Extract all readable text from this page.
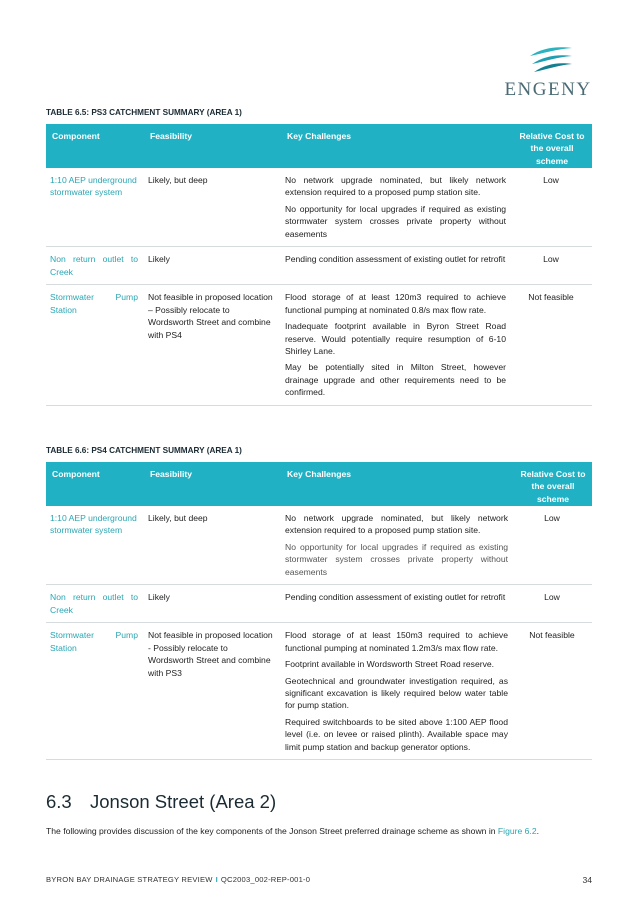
ENGENY
TABLE 6.5: PS3 CATCHMENT SUMMARY (AREA 1)
Component	Feasibility	Key Challenges	Relative Cost to the overall scheme
1:10 AEP underground stormwater system	Likely, but deep	No network upgrade nominated, but likely network extension required to a proposed pump station site.

No opportunity for local upgrades if required as existing stormwater system crosses private property without easements	Low
Non return outlet to Creek	Likely	Pending condition assessment of existing outlet for retrofit	Low
Stormwater Pump Station	Not feasible in proposed location – Possibly relocate to Wordsworth Street and combine with PS4	Flood storage of at least 120m3 required to achieve functional pumping at nominated 0.8/s max flow rate.

Inadequate footprint available in Byron Street Road reserve. Would potentially require resumption of 6-10 Shirley Lane.

May be potentially sited in Milton Street, however drainage upgrade and other requirements need to be confirmed.	Not feasible
TABLE 6.6: PS4 CATCHMENT SUMMARY (AREA 1)
Component	Feasibility	Key Challenges	Relative Cost to the overall scheme
1:10 AEP underground stormwater system	Likely, but deep	No network upgrade nominated, but likely network extension required to a proposed pump station site.

No opportunity for local upgrades if required as existing stormwater system crosses private property without easements	Low
Non return outlet to Creek	Likely	Pending condition assessment of existing outlet for retrofit	Low
Stormwater Pump Station	Not feasible in proposed location - Possibly relocate to Wordsworth Street and combine with PS3	Flood storage of at least 150m3 required to achieve functional pumping at nominated 1.2m3/s max flow rate.

Footprint available in Wordsworth Street Road reserve.

Geotechnical and groundwater investigation required, as significant excavation is likely required below water table for pump station.

Required switchboards to be sited above 1:100 AEP flood level (i.e. on levee or raised plinth). Available space may limit pump station and backup generator options.	Not feasible
6.3 Jonson Street (Area 2)
The following provides discussion of the key components of the Jonson Street preferred drainage scheme as shown in Figure 6.2.
BYRON BAY DRAINAGE STRATEGY REVIEW I QC2003_002-REP-001-0	34
